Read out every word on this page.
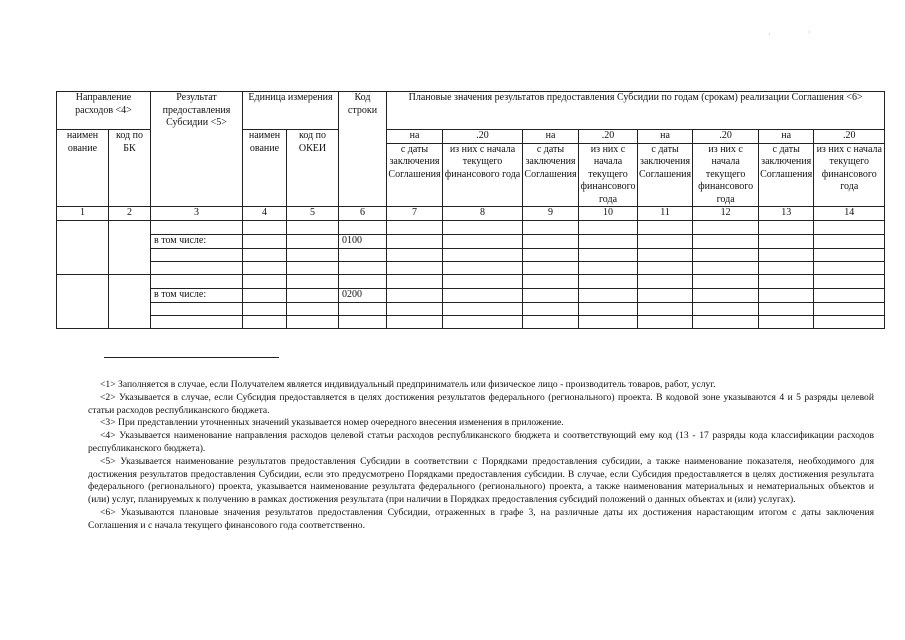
·	·
Направление расходов <4>		Результат предоставления Субсидии <5>	Единица измерения		Код строки	Плановые значения результатов предоставления Субсидии по годам (срокам) реализации Соглашения <6>							
наимен ование	код по БК		наимен ование	код по ОКЕИ		на	.20	на	.20	на	.20	на	.20
						с даты заключения Соглашения	из них с начала текущего финансового года	с даты заключения Соглашения	из них с начала текущего финансового года	с даты заключения Соглашения	из них с начала текущего финансового года	с даты заключения Соглашения	из них с начала текущего финансового года
1	2	3	4	5	6	7	8	9	10	11	12	13	14

		в том числе:			0100								

		в том числе:			0200								

<1> Заполняется в случае, если Получателем является индивидуальный предприниматель или физическое лицо - производитель товаров, работ, услуг.

<2> Указывается в случае, если Субсидия предоставляется в целях достижения результатов федерального (регионального) проекта. В кодовой зоне указываются 4 и 5 разряды целевой статьи расходов республиканского бюджета.

<3> При представлении уточненных значений указывается номер очередного внесения изменения в приложение.

<4> Указывается наименование направления расходов целевой статьи расходов республиканского бюджета и соответствующий ему код (13 - 17 разряды кода классификации расходов республиканского бюджета).

<5> Указывается наименование результатов предоставления Субсидии в соответствии с Порядками предоставления субсидии, а также наименование показателя, необходимого для достижения результатов предоставления Субсидии, если это предусмотрено Порядками предоставления субсидии. В случае, если Субсидия предоставляется в целях достижения результата федерального (регионального) проекта, указывается наименование результата федерального (регионального) проекта, а также наименования материальных и нематериальных объектов и (или) услуг, планируемых к получению в рамках достижения результата (при наличии в Порядках предоставления субсидий положений о данных объектах и (или) услугах).

<6> Указываются плановые значения результатов предоставления Субсидии, отраженных в графе 3, на различные даты их достижения нарастающим итогом с даты заключения Соглашения и с начала текущего финансового года соответственно.
